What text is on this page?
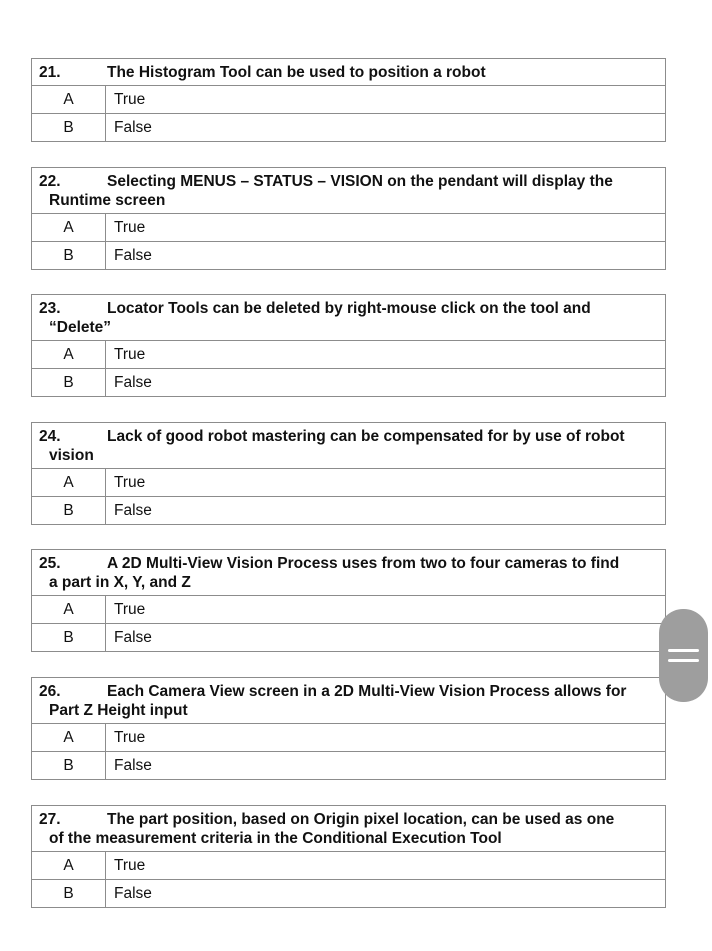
21.	The Histogram Tool can be used to position a robot
A	True
B	False
22.	Selecting MENUS – STATUS – VISION on the pendant will display the
Runtime screen
A	True
B	False
23.	Locator Tools can be deleted by right-mouse click on the tool and
“Delete”
A	True
B	False
24.	Lack of good robot mastering can be compensated for by use of robot
vision
A	True
B	False
25.	A 2D Multi-View Vision Process uses from two to four cameras to find
a part in X, Y, and Z
A	True
B	False
26.	Each Camera View screen in a 2D Multi-View Vision Process allows for
Part Z Height input
A	True
B	False
27.	The part position, based on Origin pixel location, can be used as one
of the measurement criteria in the Conditional Execution Tool
A	True
B	False
